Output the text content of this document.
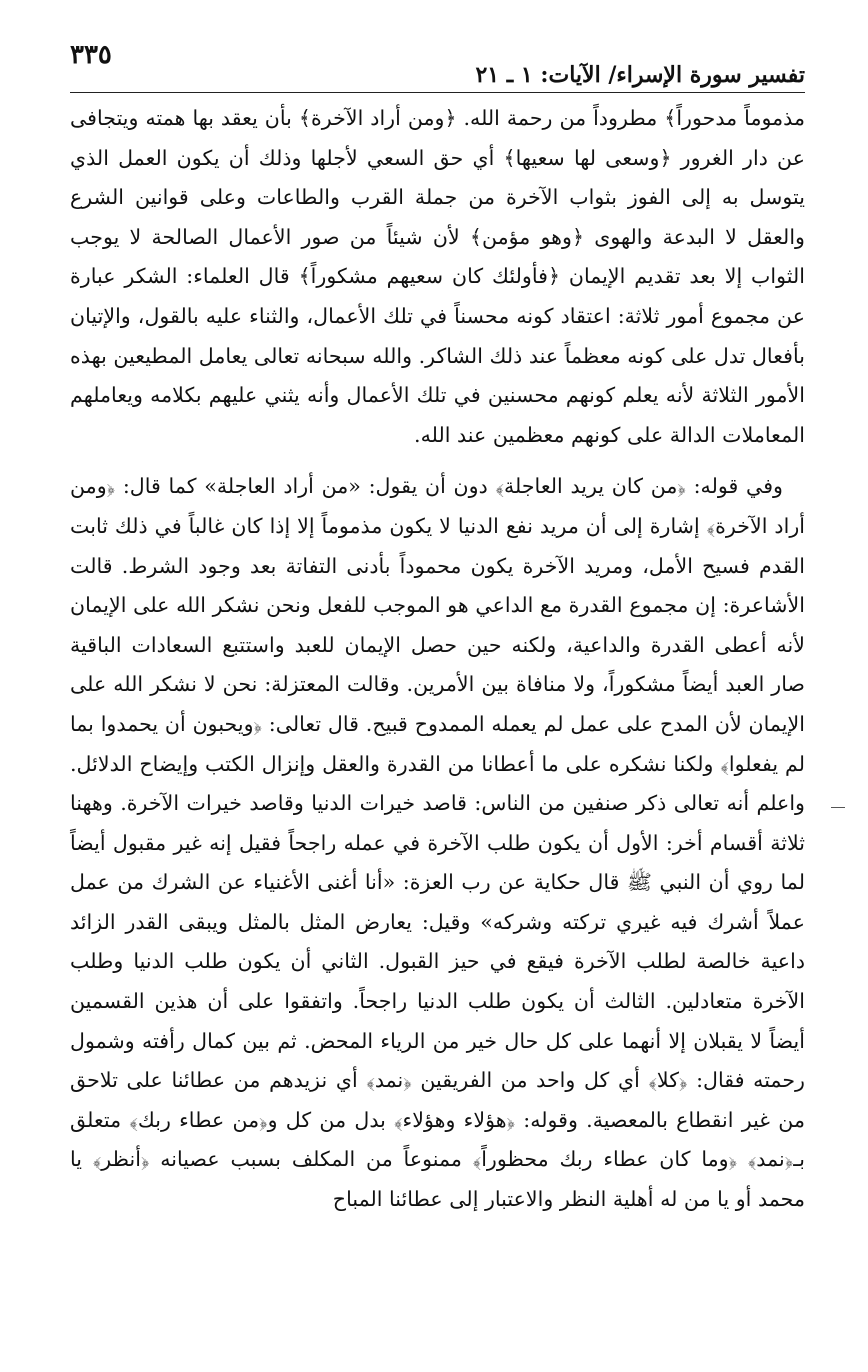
تفسير سورة الإسراء/ الآيات: ١ ـ ٢١
٣٣٥

مذموماً مدحوراً﴾ مطروداً من رحمة الله. ﴿ومن أراد الآخرة﴾ بأن يعقد بها همته ويتجافى عن دار الغرور ﴿وسعى لها سعيها﴾ أي حق السعي لأجلها وذلك أن يكون العمل الذي يتوسل به إلى الفوز بثواب الآخرة من جملة القرب والطاعات وعلى قوانين الشرع والعقل لا البدعة والهوى ﴿وهو مؤمن﴾ لأن شيئاً من صور الأعمال الصالحة لا يوجب الثواب إلا بعد تقديم الإيمان ﴿فأولئك كان سعيهم مشكوراً﴾ قال العلماء: الشكر عبارة عن مجموع أمور ثلاثة: اعتقاد كونه محسناً في تلك الأعمال، والثناء عليه بالقول، والإتيان بأفعال تدل على كونه معظماً عند ذلك الشاكر. والله سبحانه تعالى يعامل المطيعين بهذه الأمور الثلاثة لأنه يعلم كونهم محسنين في تلك الأعمال وأنه يثني عليهم بكلامه ويعاملهم المعاملات الدالة على كونهم معظمين عند الله.

وفي قوله: ﴿من كان يريد العاجلة﴾ دون أن يقول: «من أراد العاجلة» كما قال: ﴿ومن أراد الآخرة﴾ إشارة إلى أن مريد نفع الدنيا لا يكون مذموماً إلا إذا كان غالباً في ذلك ثابت القدم فسيح الأمل، ومريد الآخرة يكون محموداً بأدنى التفاتة بعد وجود الشرط. قالت الأشاعرة: إن مجموع القدرة مع الداعي هو الموجب للفعل ونحن نشكر الله على الإيمان لأنه أعطى القدرة والداعية، ولكنه حين حصل الإيمان للعبد واستتبع السعادات الباقية صار العبد أيضاً مشكوراً، ولا منافاة بين الأمرين. وقالت المعتزلة: نحن لا نشكر الله على الإيمان لأن المدح على عمل لم يعمله الممدوح قبيح. قال تعالى: ﴿ويحبون أن يحمدوا بما لم يفعلوا﴾ ولكنا نشكره على ما أعطانا من القدرة والعقل وإنزال الكتب وإيضاح الدلائل. واعلم أنه تعالى ذكر صنفين من الناس: قاصد خيرات الدنيا وقاصد خيرات الآخرة. وههنا ثلاثة أقسام أخر: الأول أن يكون طلب الآخرة في عمله راجحاً فقيل إنه غير مقبول أيضاً لما روي أن النبي ﷺ قال حكاية عن رب العزة: «أنا أغنى الأغنياء عن الشرك من عمل عملاً أشرك فيه غيري تركته وشركه» وقيل: يعارض المثل بالمثل ويبقى القدر الزائد داعية خالصة لطلب الآخرة فيقع في حيز القبول. الثاني أن يكون طلب الدنيا وطلب الآخرة متعادلين. الثالث أن يكون طلب الدنيا راجحاً. واتفقوا على أن هذين القسمين أيضاً لا يقبلان إلا أنهما على كل حال خير من الرياء المحض. ثم بين كمال رأفته وشمول رحمته فقال: ﴿كلا﴾ أي كل واحد من الفريقين ﴿نمد﴾ أي نزيدهم من عطائنا على تلاحق من غير انقطاع بالمعصية. وقوله: ﴿هؤلاء وهؤلاء﴾ بدل من كل و﴿من عطاء ربك﴾ متعلق بـ﴿نمد﴾ ﴿وما كان عطاء ربك محظوراً﴾ ممنوعاً من المكلف بسبب عصيانه ﴿أنظر﴾ يا محمد أو يا من له أهلية النظر والاعتبار إلى عطائنا المباح
